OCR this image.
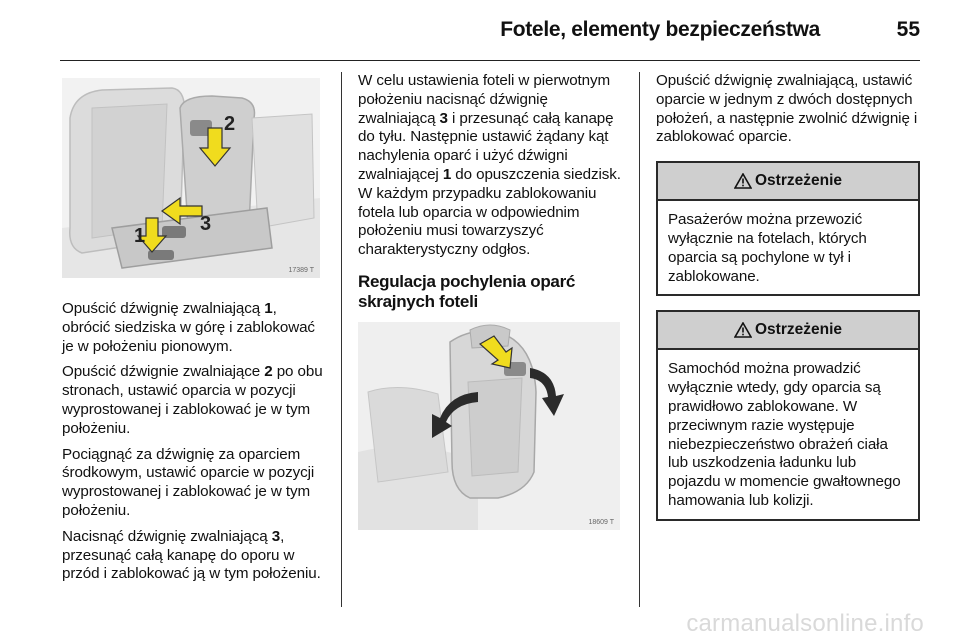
Fotele, elementy bezpieczeństwa	55
2
3
1
17389 T

Opuścić dźwignię zwalniającą 1, obrócić siedziska w górę i zablokować je w położeniu pionowym.

Opuścić dźwignie zwalniające 2 po obu stronach, ustawić oparcia w pozycji wyprostowanej i zablokować je w tym położeniu.

Pociągnąć za dźwignię za oparciem środkowym, ustawić oparcie w pozycji wyprostowanej i zablokować je w tym położeniu.

Nacisnąć dźwignię zwalniającą 3, przesunąć całą kanapę do oporu w przód i zablokować ją w tym położeniu.

W celu ustawienia foteli w pierwotnym położeniu nacisnąć dźwignię zwalniającą 3 i przesunąć całą kanapę do tyłu. Następnie ustawić żądany kąt nachylenia oparć i użyć dźwigni zwalniającej 1 do opuszczenia siedzisk. W każdym przypadku zablokowaniu fotela lub oparcia w odpowiednim położeniu musi towarzyszyć charakterystyczny odgłos.

Regulacja pochylenia oparć skrajnych foteli
18609 T

Opuścić dźwignię zwalniającą, ustawić oparcie w jednym z dwóch dostępnych położeń, a następnie zwolnić dźwignię i zablokować oparcie.

Ostrzeżenie

Pasażerów można przewozić wyłącznie na fotelach, których oparcia są pochylone w tył i zablokowane.

Ostrzeżenie

Samochód można prowadzić wyłącznie wtedy, gdy oparcia są prawidłowo zablokowane. W przeciwnym razie występuje niebezpieczeństwo obrażeń ciała lub uszkodzenia ładunku lub pojazdu w momencie gwałtownego hamowania lub kolizji.

carmanualsonline.info
